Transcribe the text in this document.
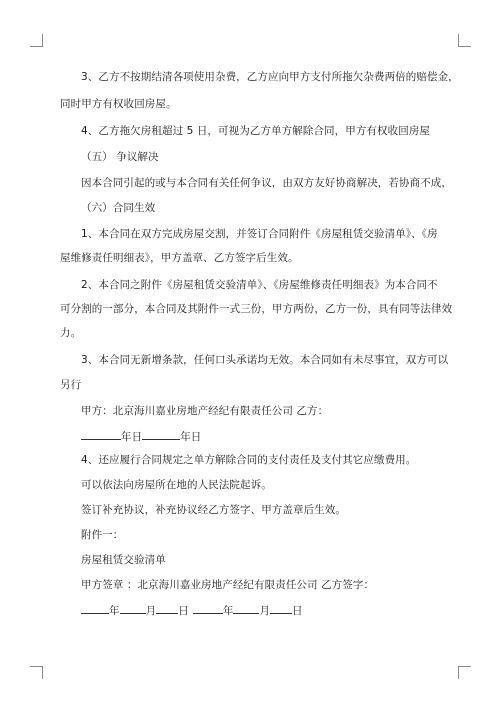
3、乙方不按期结清各项使用杂费，乙方应向甲方支付所拖欠杂费两倍的赔偿金，
同时甲方有权收回房屋。
4、乙方拖欠房租超过 5 日，可视为乙方单方解除合同，甲方有权收回房屋
（五） 争议解决
因本合同引起的或与本合同有关任何争议，由双方友好协商解决，若协商不成，
（六）合同生效
1、本合同在双方完成房屋交割，并签订合同附件《房屋租赁交验清单》、《房
屋维修责任明细表》，甲方盖章、乙方签字后生效。
2、本合同之附件《房屋租赁交验清单》、《房屋维修责任明细表》为本合同不
可分割的一部分，本合同及其附件一式三份，甲方两份，乙方一份，具有同等法律效
力。
3、本合同无新增条款，任何口头承诺均无效。本合同如有未尽事宜，双方可以
另行
甲方：北京海川嘉业房地产经纪有限责任公司 乙方：
年日	年日
4、还应履行合同规定之单方解除合同的支付责任及支付其它应缴费用。
可以依法向房屋所在地的人民法院起诉。
签订补充协议，补充协议经乙方签字、甲方盖章后生效。
附件一：
房屋租赁交验清单
甲方签章 ：北京海川嘉业房地产经纪有限责任公司 乙方签字：
年 月 日	年 月 日
